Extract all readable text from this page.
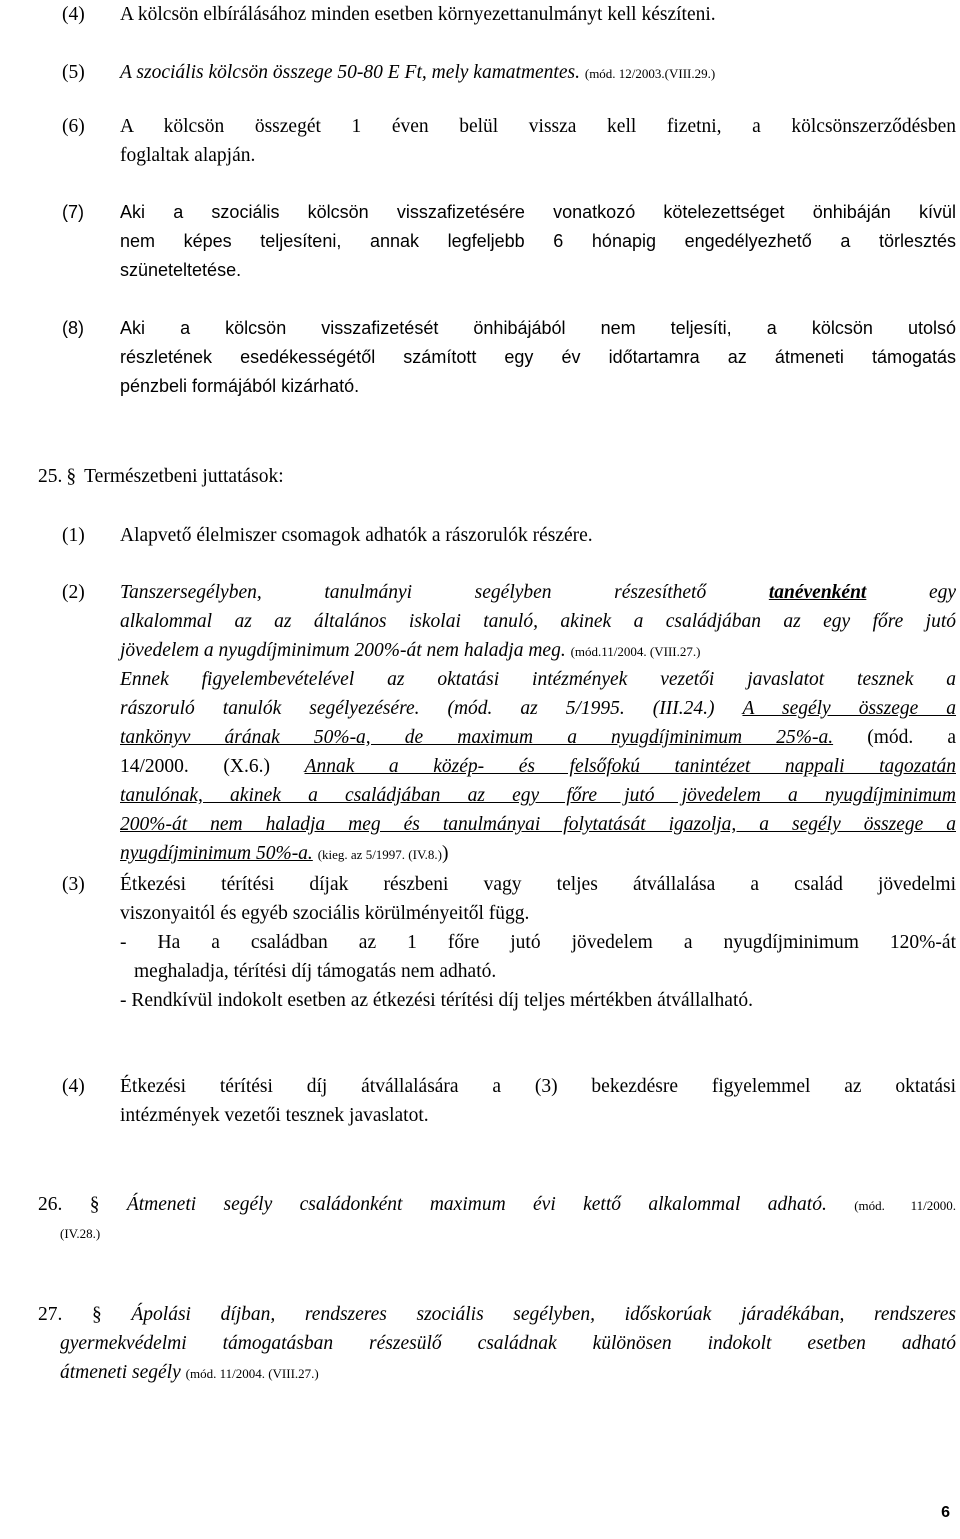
(4) A kölcsön elbírálásához minden esetben környezettanulmányt kell készíteni.
(5) A szociális kölcsön összege 50-80 E Ft, mely kamatmentes. (mód. 12/2003.(VIII.29.)
(6) A kölcsön összegét 1 éven belül vissza kell fizetni, a kölcsönszerződésben
foglaltak alapján.
(7) Aki a szociális kölcsön visszafizetésére vonatkozó kötelezettséget önhibáján kívül
nem képes teljesíteni, annak legfeljebb 6 hónapig engedélyezhető a törlesztés
szüneteltetése.
(8) Aki a kölcsön visszafizetését önhibájából nem teljesíti, a kölcsön utolsó
részletének esedékességétől számított egy év időtartamra az átmeneti támogatás
pénzbeli formájából kizárható.
25. § Természetbeni juttatások:
(1) Alapvető élelmiszer csomagok adhatók a rászorulók részére.
(2) Tanszersegélyben, tanulmányi segélyben részesíthető	tanévenként	egy
alkalommal az az általános iskolai tanuló, akinek a családjában az egy főre jutó
jövedelem a nyugdíjminimum 200%-át nem haladja meg. (mód.11/2004. (VIII.27.)
Ennek figyelembevételével az oktatási intézmények vezetői javaslatot tesznek a
rászoruló tanulók segélyezésére. (mód. az 5/1995. (III.24.) A segély összege a
tankönyv árának 50%-a, de maximum a nyugdíjminimum 25%-a. (mód. a
14/2000. (X.6.) Annak a közép- és felsőfokú tanintézet nappali tagozatán
tanulónak, akinek a családjában az egy főre jutó jövedelem a nyugdíjminimum
200%-át nem haladja meg és tanulmányai folytatását igazolja, a segély összege a
nyugdíjminimum 50%-a. (kieg. az 5/1997. (IV.8.))
(3) Étkezési térítési díjak részbeni vagy teljes átvállalása a család jövedelmi
viszonyaitól és egyéb szociális körülményeitől függ.
- Ha a családban az 1 főre jutó jövedelem a nyugdíjminimum 120%-át
meghaladja, térítési díj támogatás nem adható.
- Rendkívül indokolt esetben az étkezési térítési díj teljes mértékben átvállalható.
(4) Étkezési térítési díj átvállalására a (3) bekezdésre figyelemmel az oktatási
intézmények vezetői tesznek javaslatot.
26. § Átmeneti segély családonként maximum évi kettő alkalommal adható. (mód. 11/2000.
(IV.28.)
27. § Ápolási díjban, rendszeres szociális segélyben, időskorúak járadékában, rendszeres
gyermekvédelmi támogatásban részesülő családnak különösen indokolt esetben adható
átmeneti segély (mód. 11/2004. (VIII.27.)
6
